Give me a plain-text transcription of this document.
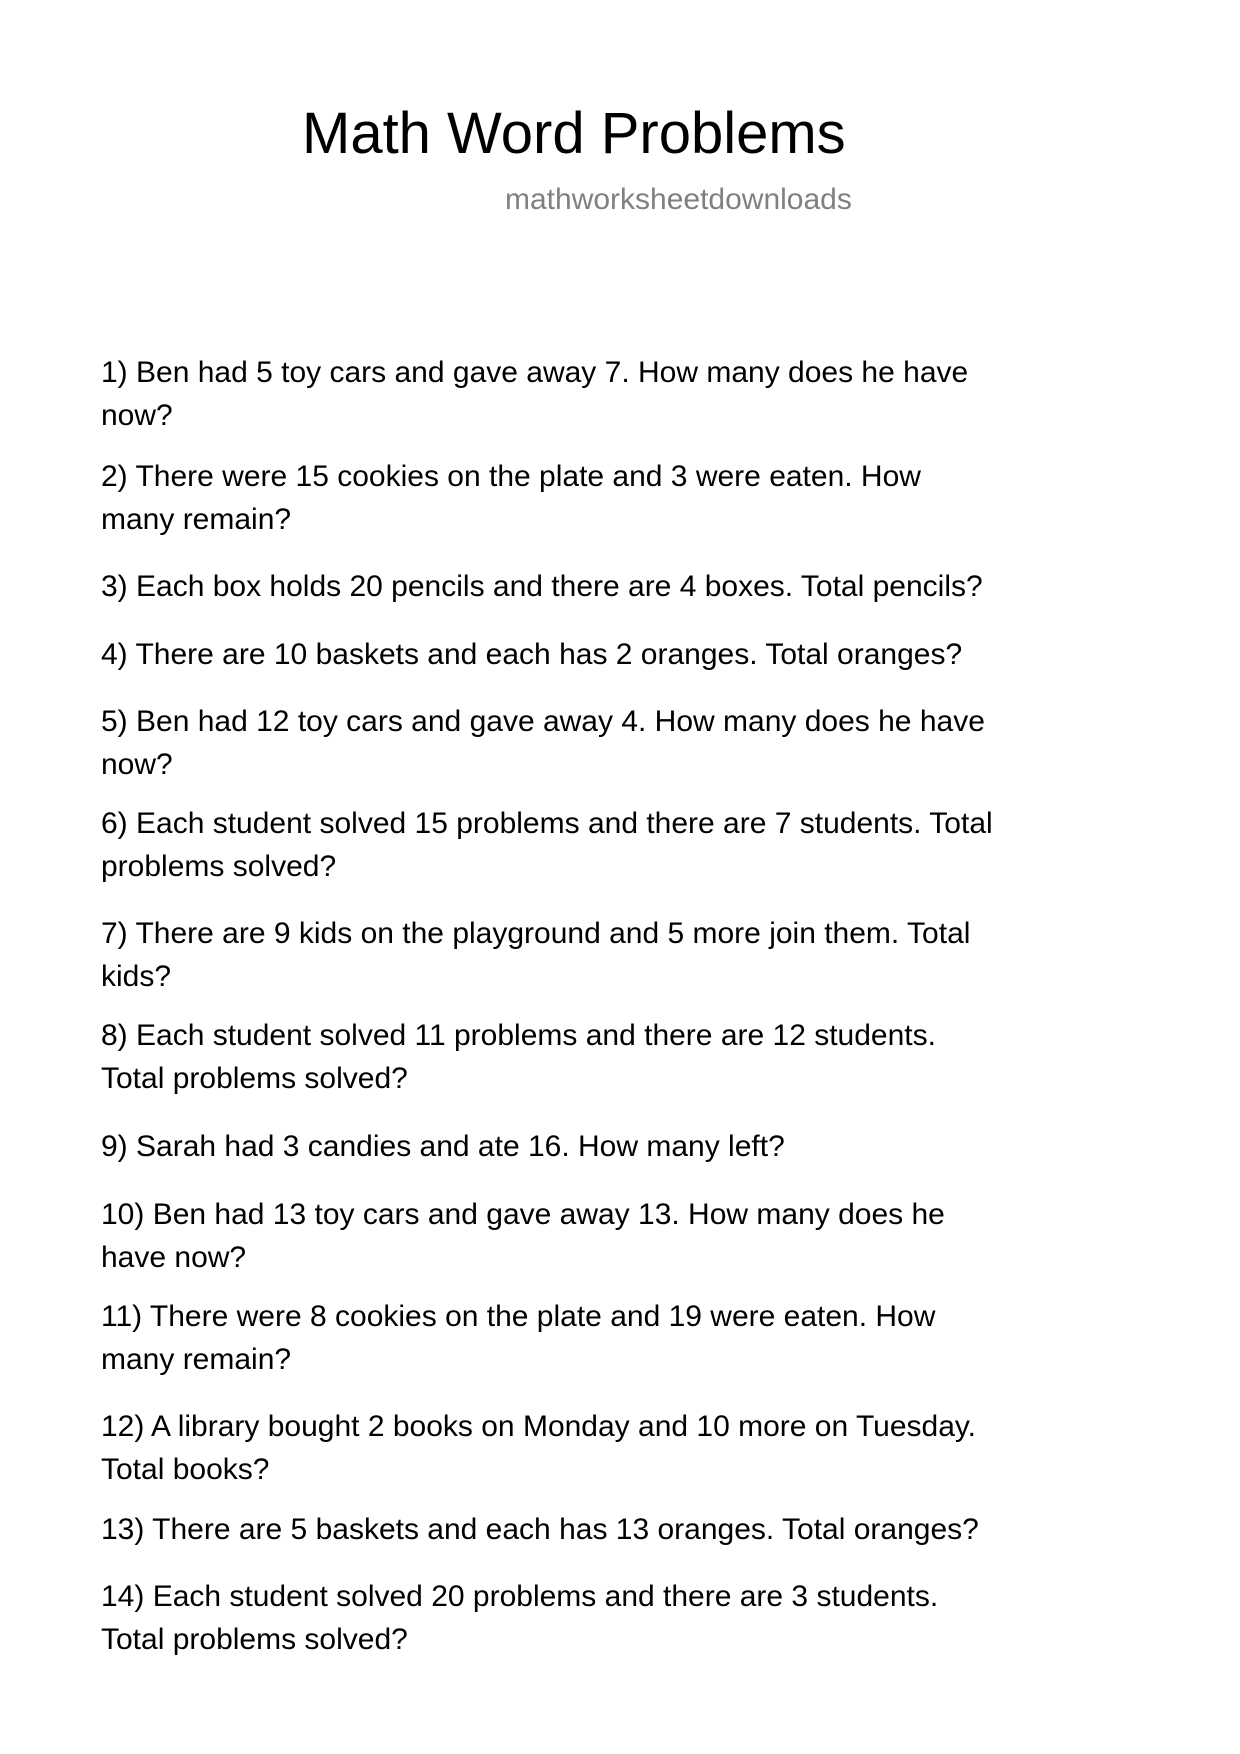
Math Word Problems
mathworksheetdownloads
1) Ben had 5 toy cars and gave away 7. How many does he have
now?
2) There were 15 cookies on the plate and 3 were eaten. How
many remain?
3) Each box holds 20 pencils and there are 4 boxes. Total pencils?
4) There are 10 baskets and each has 2 oranges. Total oranges?
5) Ben had 12 toy cars and gave away 4. How many does he have
now?
6) Each student solved 15 problems and there are 7 students. Total
problems solved?
7) There are 9 kids on the playground and 5 more join them. Total
kids?
8) Each student solved 11 problems and there are 12 students.
Total problems solved?
9) Sarah had 3 candies and ate 16. How many left?
10) Ben had 13 toy cars and gave away 13. How many does he
have now?
11) There were 8 cookies on the plate and 19 were eaten. How
many remain?
12) A library bought 2 books on Monday and 10 more on Tuesday.
Total books?
13) There are 5 baskets and each has 13 oranges. Total oranges?
14) Each student solved 20 problems and there are 3 students.
Total problems solved?
